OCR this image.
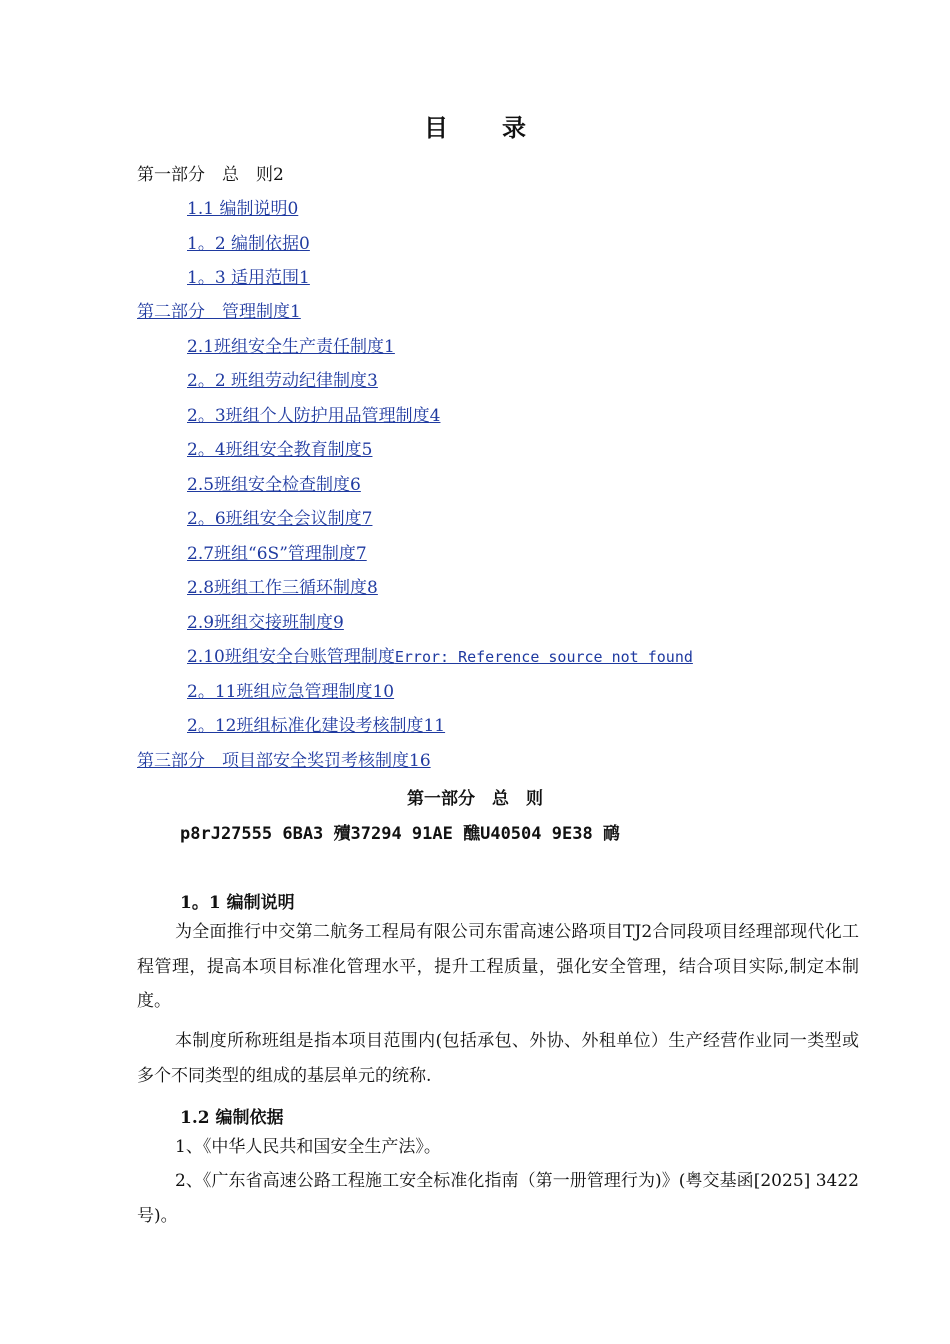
目录
第一部分　总　则2
1.1 编制说明0
1。2 编制依据0
1。3 适用范围1
第二部分　管理制度1
2.1班组安全生产责任制度1
2。2 班组劳动纪律制度3
2。3班组个人防护用品管理制度4
2。4班组安全教育制度5
2.5班组安全检查制度6
2。6班组安全会议制度7
2.7班组“6S”管理制度7
2.8班组工作三循环制度8
2.9班组交接班制度9
2.10班组安全台账管理制度Error: Reference source not found
2。11班组应急管理制度10
2。12班组标准化建设考核制度11
第三部分　项目部安全奖罚考核制度16
第一部分　总　则
p8rJ27555 6BA3 殰37294 91AE 醮U40504 9E38 鸸
1。1 编制说明

为全面推行中交第二航务工程局有限公司东雷高速公路项目TJ2合同段项目经理部现代化工程管理，提高本项目标准化管理水平，提升工程质量，强化安全管理，结合项目实际,制定本制度。

本制度所称班组是指本项目范围内(包括承包、外协、外租单位）生产经营作业同一类型或多个不同类型的组成的基层单元的统称.

1.2 编制依据

1、《中华人民共和国安全生产法》。

2、《广东省高速公路工程施工安全标准化指南（第一册管理行为)》(粤交基函[2025] 3422号)。
